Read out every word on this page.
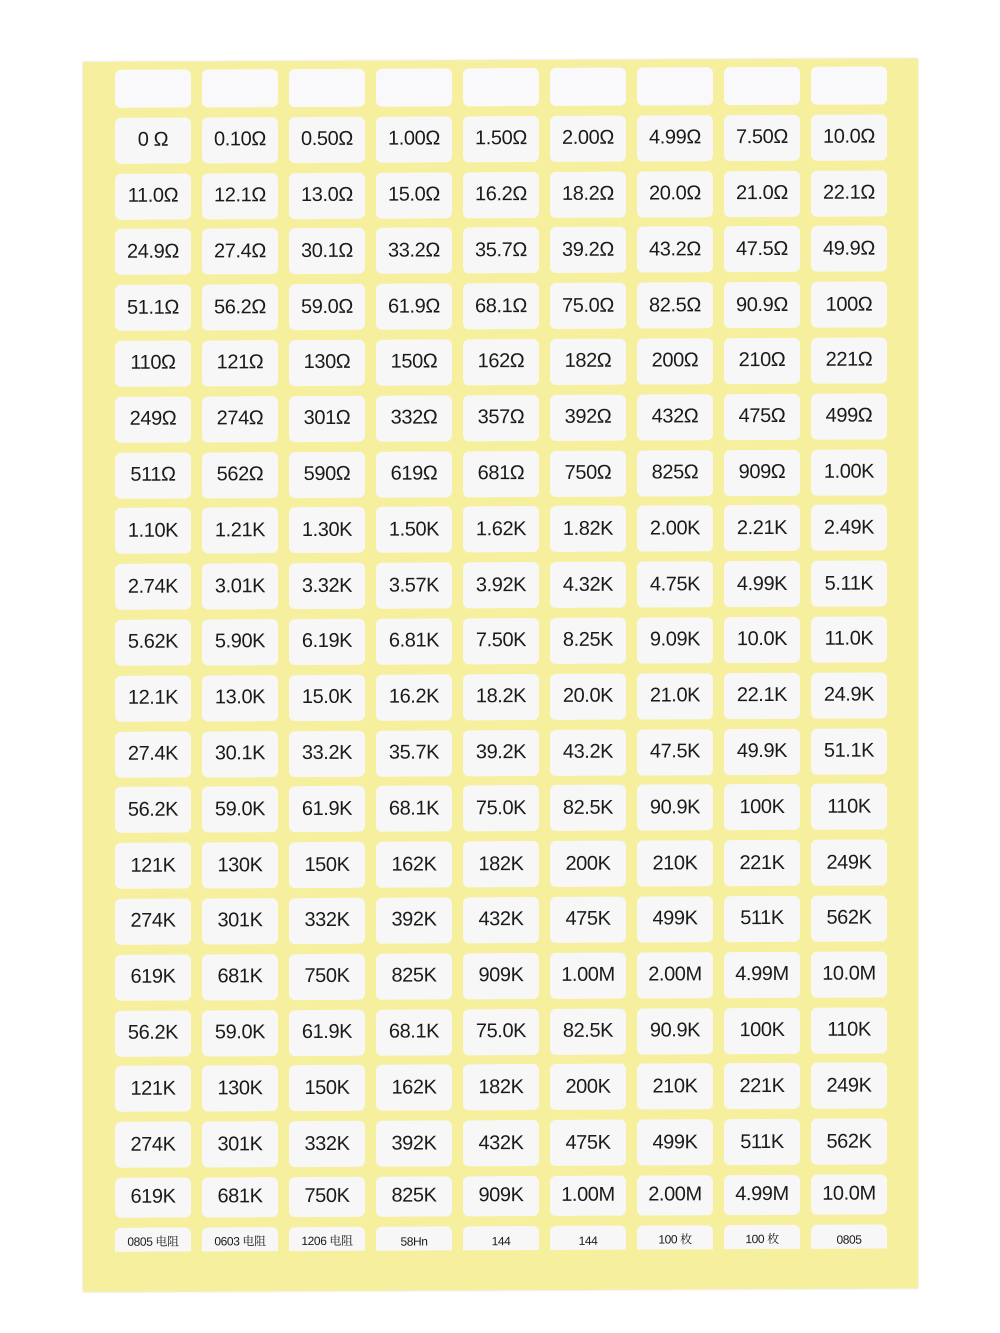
0 Ω	0.10Ω	0.50Ω	1.00Ω	1.50Ω	2.00Ω	4.99Ω	7.50Ω	10.0Ω
11.0Ω	12.1Ω	13.0Ω	15.0Ω	16.2Ω	18.2Ω	20.0Ω	21.0Ω	22.1Ω
24.9Ω	27.4Ω	30.1Ω	33.2Ω	35.7Ω	39.2Ω	43.2Ω	47.5Ω	49.9Ω
51.1Ω	56.2Ω	59.0Ω	61.9Ω	68.1Ω	75.0Ω	82.5Ω	90.9Ω	100Ω
110Ω	121Ω	130Ω	150Ω	162Ω	182Ω	200Ω	210Ω	221Ω
249Ω	274Ω	301Ω	332Ω	357Ω	392Ω	432Ω	475Ω	499Ω
511Ω	562Ω	590Ω	619Ω	681Ω	750Ω	825Ω	909Ω	1.00K
1.10K	1.21K	1.30K	1.50K	1.62K	1.82K	2.00K	2.21K	2.49K
2.74K	3.01K	3.32K	3.57K	3.92K	4.32K	4.75K	4.99K	5.11K
5.62K	5.90K	6.19K	6.81K	7.50K	8.25K	9.09K	10.0K	11.0K
12.1K	13.0K	15.0K	16.2K	18.2K	20.0K	21.0K	22.1K	24.9K
27.4K	30.1K	33.2K	35.7K	39.2K	43.2K	47.5K	49.9K	51.1K
56.2K	59.0K	61.9K	68.1K	75.0K	82.5K	90.9K	100K	110K
121K	130K	150K	162K	182K	200K	210K	221K	249K
274K	301K	332K	392K	432K	475K	499K	511K	562K
619K	681K	750K	825K	909K	1.00M	2.00M	4.99M	10.0M
56.2K	59.0K	61.9K	68.1K	75.0K	82.5K	90.9K	100K	110K
121K	130K	150K	162K	182K	200K	210K	221K	249K
274K	301K	332K	392K	432K	475K	499K	511K	562K
619K	681K	750K	825K	909K	1.00M	2.00M	4.99M	10.0M
0805 电阻	0603 电阻	1206 电阻	58Hn	144	144	100 枚	100 枚	0805
